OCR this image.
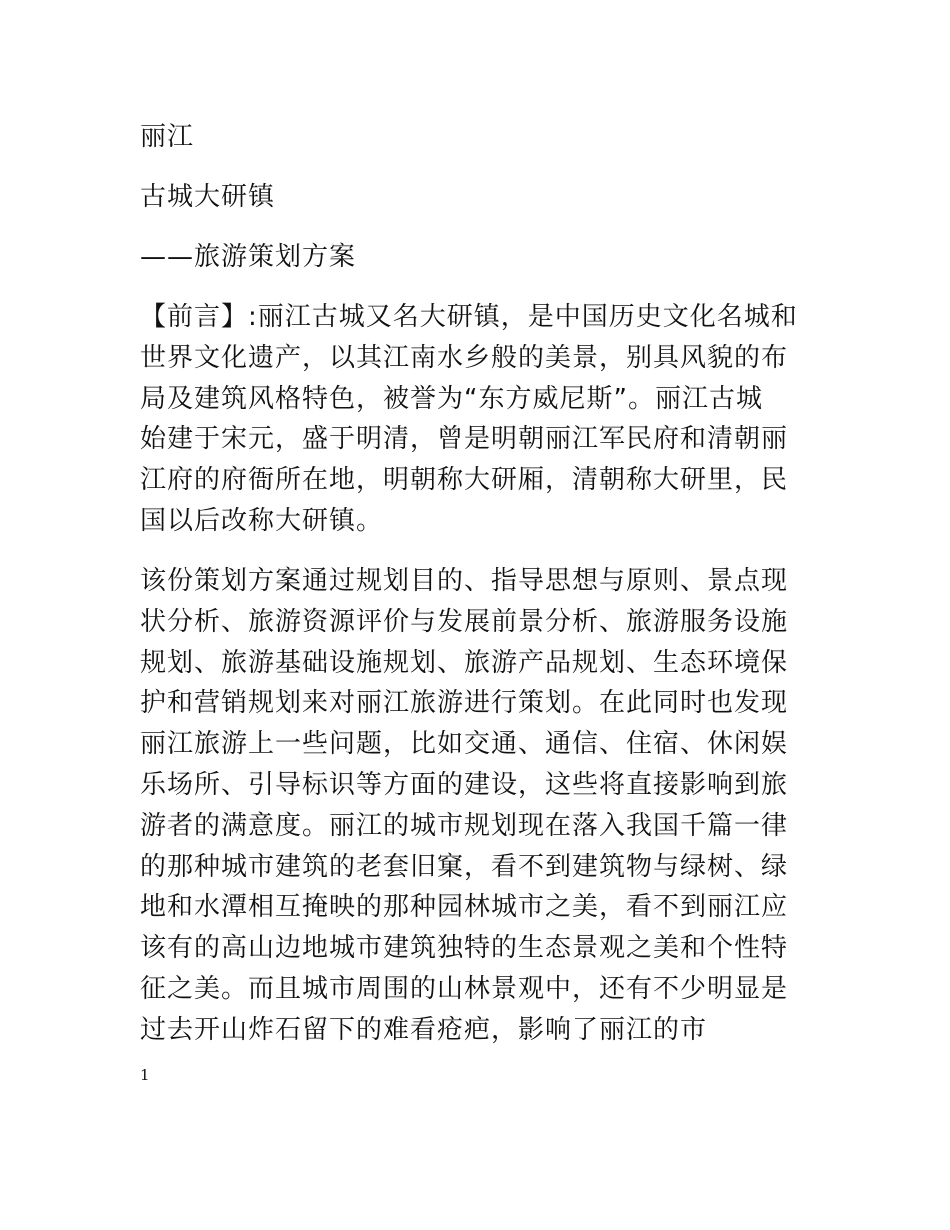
丽江
古城大研镇
——旅游策划方案
【前言】:丽江古城又名大研镇，是中国历史文化名城和
世界文化遗产，以其江南水乡般的美景，别具风貌的布
局及建筑风格特色，被誉为“东方威尼斯”。丽江古城
始建于宋元，盛于明清，曾是明朝丽江军民府和清朝丽
江府的府衙所在地，明朝称大研厢，清朝称大研里，民
国以后改称大研镇。
该份策划方案通过规划目的、指导思想与原则、景点现
状分析、旅游资源评价与发展前景分析、旅游服务设施
规划、旅游基础设施规划、旅游产品规划、生态环境保
护和营销规划来对丽江旅游进行策划。在此同时也发现
丽江旅游上一些问题，比如交通、通信、住宿、休闲娱
乐场所、引导标识等方面的建设，这些将直接影响到旅
游者的满意度。丽江的城市规划现在落入我国千篇一律
的那种城市建筑的老套旧窠，看不到建筑物与绿树、绿
地和水潭相互掩映的那种园林城市之美，看不到丽江应
该有的高山边地城市建筑独特的生态景观之美和个性特
征之美。而且城市周围的山林景观中，还有不少明显是
过去开山炸石留下的难看疮疤，影响了丽江的市
1
